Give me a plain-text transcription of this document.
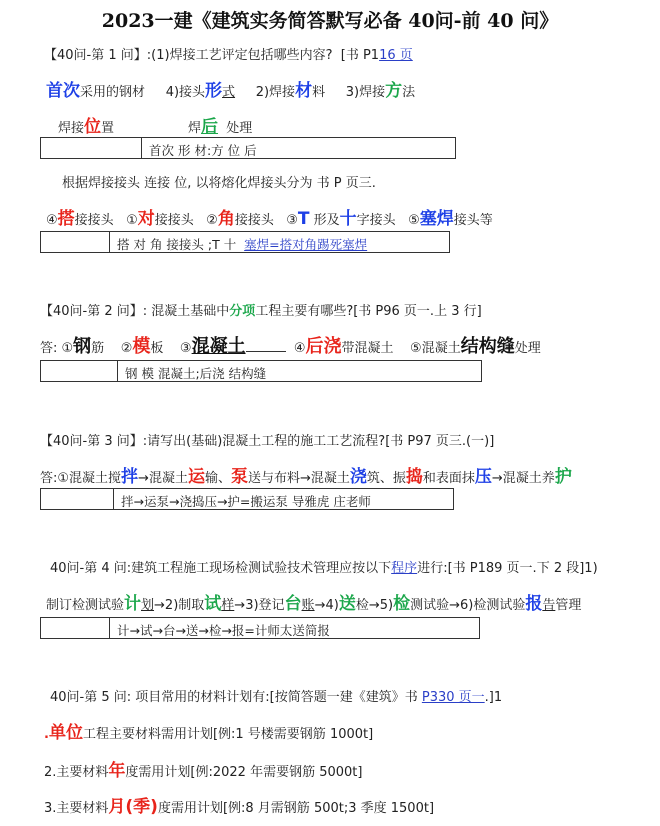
2023一建《建筑实务简答默写必备 40问-前 40 问》
【40问-第 1 问】:(1)焊接工艺评定包括哪些内容? [书 P116 页
首次采用的钢材 4)接头形式 2)焊接材料 3)焊接方法
焊接位置	焊后 处理
首次 形 材:方 位 后
根据焊接接头 连接 位, 以将熔化焊接头分为 书 P 页三.
④搭接接头 ①对接接头 ②角接接头 ③T 形及十字接头 ⑤塞焊接头等
搭 对 角 接接头 ;T 十 塞焊=搭对角踢死塞焊
【40问-第 2 问】: 混凝土基础中分项工程主要有哪些?[书 P96 页一.上 3 行]
答: ①钢筋 ②模板 ③混凝土	④后浇带混凝土 ⑤混凝土结构缝处理
钢 模 混凝土;后浇 结构缝
【40问-第 3 问】:请写出(基础)混凝土工程的施工工艺流程?[书 P97 页三.(一)]
答:①混凝土搅拌→混凝土运输、泵送与布料→混凝土浇筑、振捣和表面抹压→混凝土养护
拌→运泵→浇捣压→护=搬运泵 导雅虎 庄老师
40问-第 4 问:建筑工程施工现场检测试验技术管理应按以下程序进行:[书 P189 页一.下 2 段]1)
制订检测试验计划→2)制取试样→3)登记台账→4)送检→5)检测试验→6)检测试验报告管理
计→试→台→送→检→报=计师太送简报
40问-第 5 问: 项目常用的材料计划有:[按简答题一建《建筑》书 P330 页一.]1
.单位工程主要材料需用计划[例:1 号楼需要钢筋 1000t]
2.主要材料年度需用计划[例:2022 年需要钢筋 5000t]
3.主要材料月(季)度需用计划[例:8 月需钢筋 500t;3 季度 1500t]
